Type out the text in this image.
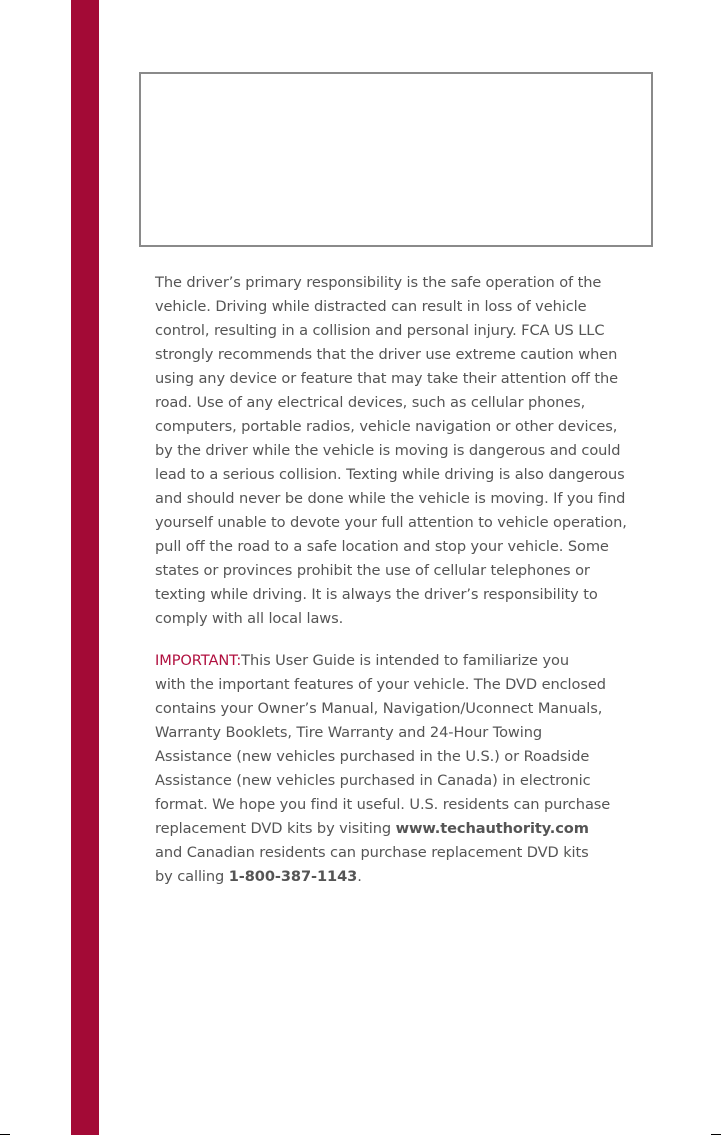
The driver’s primary responsibility is the safe operation of the
vehicle. Driving while distracted can result in loss of vehicle
control, resulting in a collision and personal injury. FCA US LLC
strongly recommends that the driver use extreme caution when
using any device or feature that may take their attention off the
road. Use of any electrical devices, such as cellular phones,
computers, portable radios, vehicle navigation or other devices,
by the driver while the vehicle is moving is dangerous and could
lead to a serious collision. Texting while driving is also dangerous
and should never be done while the vehicle is moving. If you find
yourself unable to devote your full attention to vehicle operation,
pull off the road to a safe location and stop your vehicle. Some
states or provinces prohibit the use of cellular telephones or
texting while driving. It is always the driver’s responsibility to
comply with all local laws.
IMPORTANT:This User Guide is intended to familiarize you
with the important features of your vehicle. The DVD enclosed
contains your Owner’s Manual, Navigation/Uconnect Manuals,
Warranty Booklets, Tire Warranty and 24-Hour Towing
Assistance (new vehicles purchased in the U.S.) or Roadside
Assistance (new vehicles purchased in Canada) in electronic
format. We hope you find it useful. U.S. residents can purchase
replacement DVD kits by visiting www.techauthority.com
and Canadian residents can purchase replacement DVD kits
by calling 1-800-387-1143.
